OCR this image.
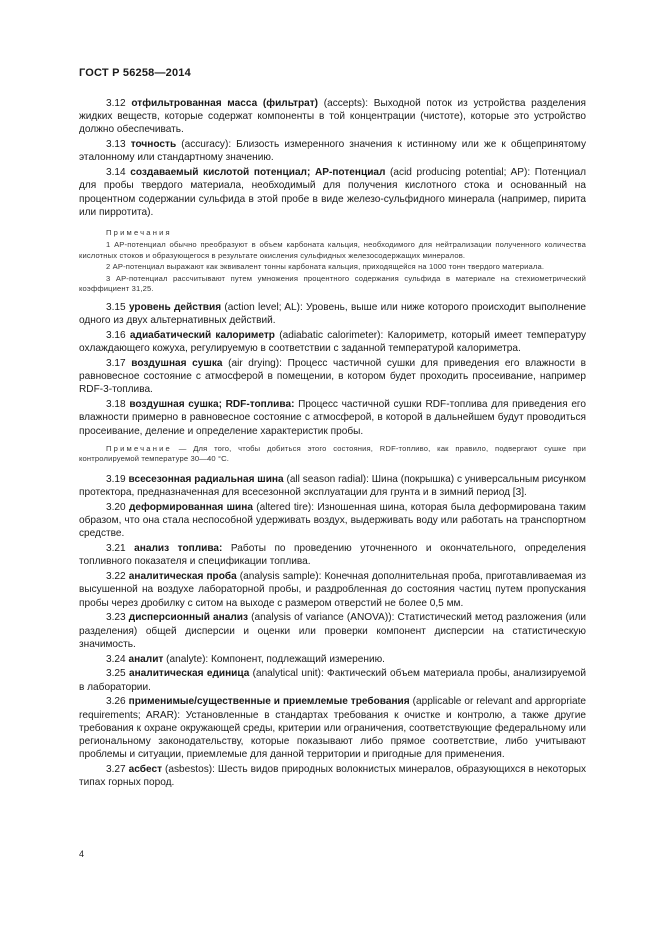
ГОСТ Р 56258—2014

3.12 отфильтрованная масса (фильтрат) (accepts): Выходной поток из устройства разделения жидких веществ, которые содержат компоненты в той концентрации (чистоте), которые это устройство должно обеспечивать.

3.13 точность (accuracy): Близость измеренного значения к истинному или же к общепринятому эталонному или стандартному значению.

3.14 создаваемый кислотой потенциал; АР-потенциал (acid producing potential; AP): Потенциал для пробы твердого материала, необходимый для получения кислотного стока и основанный на процентном содержании сульфида в этой пробе в виде железо-сульфидного минерала (например, пирита или пирротита).

Примечания

1 АР-потенциал обычно преобразуют в объем карбоната кальция, необходимого для нейтрализации полученного количества кислотных стоков и образующегося в результате окисления сульфидных железосодержащих минералов.

2 АР-потенциал выражают как эквивалент тонны карбоната кальция, приходящейся на 1000 тонн твердого материала.

3 АР-потенциал рассчитывают путем умножения процентного содержания сульфида в материале на стехиометрический коэффициент 31,25.

3.15 уровень действия (action level; AL): Уровень, выше или ниже которого происходит выполнение одного из двух альтернативных действий.

3.16 адиабатический калориметр (adiabatic calorimeter): Калориметр, который имеет температуру охлаждающего кожуха, регулируемую в соответствии с заданной температурой калориметра.

3.17 воздушная сушка (air drying): Процесс частичной сушки для приведения его влажности в равновесное состояние с атмосферой в помещении, в котором будет проходить просеивание, например RDF-3-топлива.

3.18 воздушная сушка; RDF-топлива: Процесс частичной сушки RDF-топлива для приведения его влажности примерно в равновесное состояние с атмосферой, в которой в дальнейшем будут проводиться просеивание, деление и определение характеристик пробы.

Примечание — Для того, чтобы добиться этого состояния, RDF-топливо, как правило, подвергают сушке при контролируемой температуре 30—40 °С.

3.19 всесезонная радиальная шина (all season radial): Шина (покрышка) с универсальным рисунком протектора, предназначенная для всесезонной эксплуатации для грунта и в зимний период [3].

3.20 деформированная шина (altered tire): Изношенная шина, которая была деформирована таким образом, что она стала неспособной удерживать воздух, выдерживать воду или работать на транспортном средстве.

3.21 анализ топлива: Работы по проведению уточненного и окончательного, определения топливного показателя и спецификации топлива.

3.22 аналитическая проба (analysis sample): Конечная дополнительная проба, приготавливаемая из высушенной на воздухе лабораторной пробы, и раздробленная до состояния частиц путем пропускания пробы через дробилку с ситом на выходе с размером отверстий не более 0,5 мм.

3.23 дисперсионный анализ (analysis of variance (ANOVA)): Статистический метод разложения (или разделения) общей дисперсии и оценки или проверки компонент дисперсии на статистическую значимость.

3.24 аналит (analyte): Компонент, подлежащий измерению.

3.25 аналитическая единица (analytical unit): Фактический объем материала пробы, анализируемой в лаборатории.

3.26 применимые/существенные и приемлемые требования (applicable or relevant and appropriate requirements; ARAR): Установленные в стандартах требования к очистке и контролю, а также другие требования к охране окружающей среды, критерии или ограничения, соответствующие федеральному или региональному законодательству, которые показывают либо прямое соответствие, либо учитывают проблемы и ситуации, приемлемые для данной территории и пригодные для применения.

3.27 асбест (asbestos): Шесть видов природных волокнистых минералов, образующихся в некоторых типах горных пород.

4
